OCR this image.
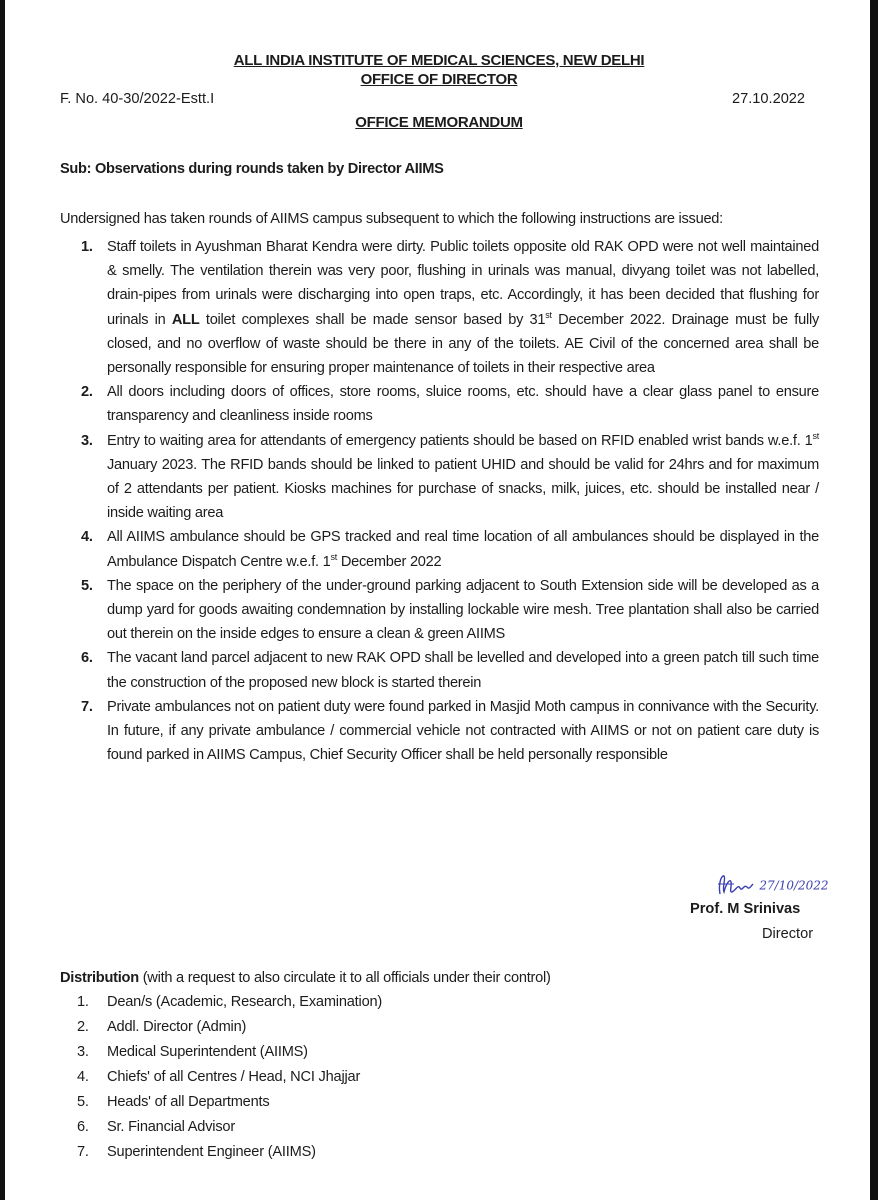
ALL INDIA INSTITUTE OF MEDICAL SCIENCES, NEW DELHI
OFFICE OF DIRECTOR
F. No. 40-30/2022-Estt.I	27.10.2022
OFFICE MEMORANDUM
Sub: Observations during rounds taken by Director AIIMS
Undersigned has taken rounds of AIIMS campus subsequent to which the following instructions are issued:
1. Staff toilets in Ayushman Bharat Kendra were dirty. Public toilets opposite old RAK OPD were not well maintained & smelly. The ventilation therein was very poor, flushing in urinals was manual, divyang toilet was not labelled, drain-pipes from urinals were discharging into open traps, etc. Accordingly, it has been decided that flushing for urinals in ALL toilet complexes shall be made sensor based by 31st December 2022. Drainage must be fully closed, and no overflow of waste should be there in any of the toilets. AE Civil of the concerned area shall be personally responsible for ensuring proper maintenance of toilets in their respective area
2. All doors including doors of offices, store rooms, sluice rooms, etc. should have a clear glass panel to ensure transparency and cleanliness inside rooms
3. Entry to waiting area for attendants of emergency patients should be based on RFID enabled wrist bands w.e.f. 1st January 2023. The RFID bands should be linked to patient UHID and should be valid for 24hrs and for maximum of 2 attendants per patient. Kiosks machines for purchase of snacks, milk, juices, etc. should be installed near / inside waiting area
4. All AIIMS ambulance should be GPS tracked and real time location of all ambulances should be displayed in the Ambulance Dispatch Centre w.e.f. 1st December 2022
5. The space on the periphery of the under-ground parking adjacent to South Extension side will be developed as a dump yard for goods awaiting condemnation by installing lockable wire mesh. Tree plantation shall also be carried out therein on the inside edges to ensure a clean & green AIIMS
6. The vacant land parcel adjacent to new RAK OPD shall be levelled and developed into a green patch till such time the construction of the proposed new block is started therein
7. Private ambulances not on patient duty were found parked in Masjid Moth campus in connivance with the Security. In future, if any private ambulance / commercial vehicle not contracted with AIIMS or not on patient care duty is found parked in AIIMS Campus, Chief Security Officer shall be held personally responsible
27/10/2022
Prof. M Srinivas
Director
Distribution (with a request to also circulate it to all officials under their control)
1. Dean/s (Academic, Research, Examination)
2. Addl. Director (Admin)
3. Medical Superintendent (AIIMS)
4. Chiefs' of all Centres / Head, NCI Jhajjar
5. Heads' of all Departments
6. Sr. Financial Advisor
7. Superintendent Engineer (AIIMS)
